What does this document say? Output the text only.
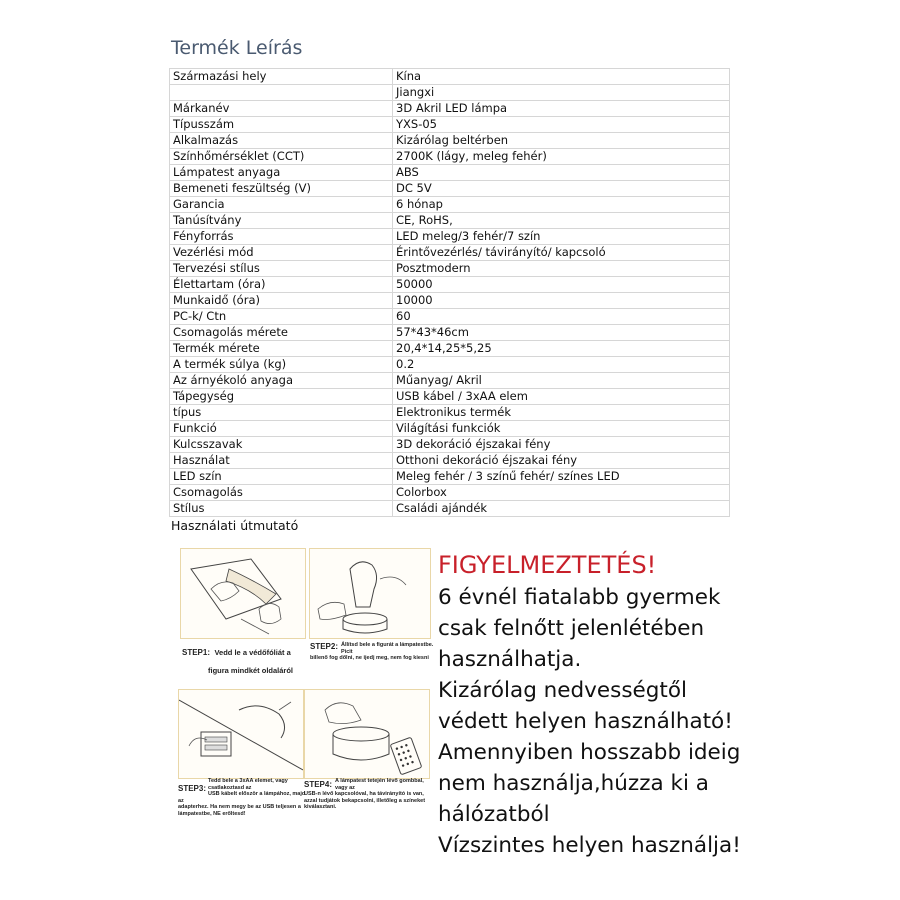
Termék Leírás
Származási hely	Kína
	Jiangxi
Márkanév	3D Akril LED lámpa
Típusszám	YXS-05
Alkalmazás	Kizárólag beltérben
Színhőmérséklet (CCT)	2700K (lágy, meleg fehér)
Lámpatest anyaga	ABS
Bemeneti feszültség (V)	DC 5V
Garancia	6 hónap
Tanúsítvány	CE, RoHS,
Fényforrás	LED meleg/3 fehér/7 szín
Vezérlési mód	Érintővezérlés/ távirányító/ kapcsoló
Tervezési stílus	Posztmodern
Élettartam (óra)	50000
Munkaidő (óra)	10000
PC-k/ Ctn	60
Csomagolás mérete	57*43*46cm
Termék mérete	20,4*14,25*5,25
A termék súlya (kg)	0.2
Az árnyékoló anyaga	Műanyag/ Akril
Tápegység	USB kábel / 3xAA elem
típus	Elektronikus termék
Funkció	Világítási funkciók
Kulcsszavak	3D dekoráció éjszakai fény
Használat	Otthoni dekoráció éjszakai fény
LED szín	Meleg fehér / 3 színű fehér/ színes LED
Csomagolás	Colorbox
Stílus	Családi ajándék
Használati útmutató
STEP1: Vedd le a védőfóliát a
figura mindkét oldaláról
STEP2: Állítsd bele a figurát a lámpatestbe. Picit
billenő fog dőlni, ne ijedj meg, nem fog kiesni
STEP3:
Tedd bele a 3xAA elemet, vagy csatlakoztasd az
USB kábelt először a lámpához, majd az
adapterhez. Ha nem megy be az USB teljesen a
lámpatestbe, NE erőltesd!
STEP4: A lámpatest tetején lévő gombbal, vagy az
USB-n lévő kapcsolóval, ha távirányító is van,
azzal tudjátok bekapcsolni, illetőleg a színeket
kiválasztani.
FIGYELMEZTETÉS!
6 évnél fiatalabb gyermek
csak felnőtt jelenlétében
használhatja.
Kizárólag nedvességtől
védett helyen használható!
Amennyiben hosszabb ideig
nem használja,húzza ki a
hálózatból
Vízszintes helyen használja!
